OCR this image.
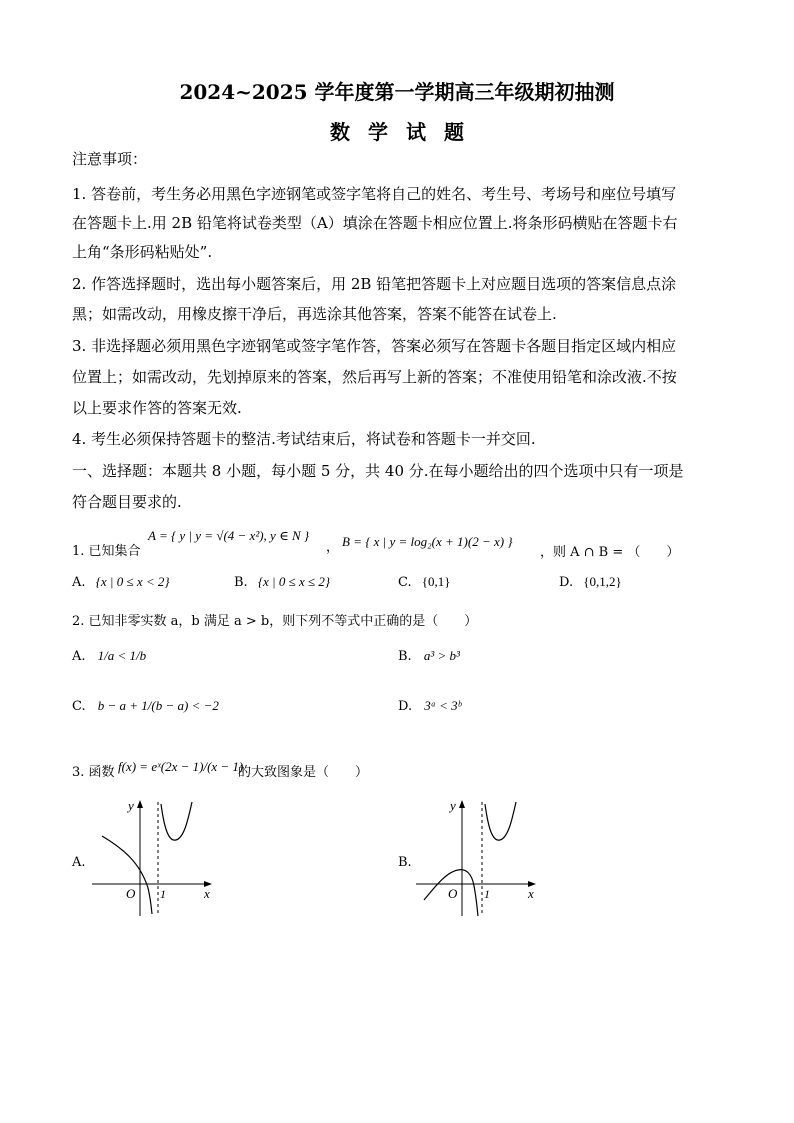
2024~2025 学年度第一学期高三年级期初抽测
数学试题
注意事项：
1. 答卷前，考生务必用黑色字迹钢笔或签字笔将自己的姓名、考生号、考场号和座位号填写
在答题卡上.用 2B 铅笔将试卷类型（A）填涂在答题卡相应位置上.将条形码横贴在答题卡右
上角“条形码粘贴处”.
2. 作答选择题时，选出每小题答案后，用 2B 铅笔把答题卡上对应题目选项的答案信息点涂
黑；如需改动，用橡皮擦干净后，再选涂其他答案，答案不能答在试卷上.
3. 非选择题必须用黑色字迹钢笔或签字笔作答，答案必须写在答题卡各题目指定区域内相应
位置上；如需改动，先划掉原来的答案，然后再写上新的答案；不准使用铅笔和涂改液.不按
以上要求作答的答案无效.
4. 考生必须保持答题卡的整洁.考试结束后，将试卷和答题卡一并交回.
一、选择题：本题共 8 小题，每小题 5 分，共 40 分.在每小题给出的四个选项中只有一项是
符合题目要求的.
1. 已知集合
A = { y | y = √(4 − x²), y ∈ N }
， B = { x | y = log₂(x + 1)(2 − x) }
，则 A ∩ B = （　　）
A. {x | 0 ≤ x < 2}	B. {x | 0 ≤ x ≤ 2}	C. {0,1}	D. {0,1,2}
2. 已知非零实数 a，b 满足 a > b，则下列不等式中正确的是（　　）
A. 1/a < 1/b	B. a³ > b³
C. b − a + 1/(b − a) < −2	D. 3ᵃ < 3ᵇ
3. 函数 f(x) = eˣ(2x − 1)/(x − 1)
的大致图象是（　　）
A.
O 1	x
y
B.
O 1	x
y
